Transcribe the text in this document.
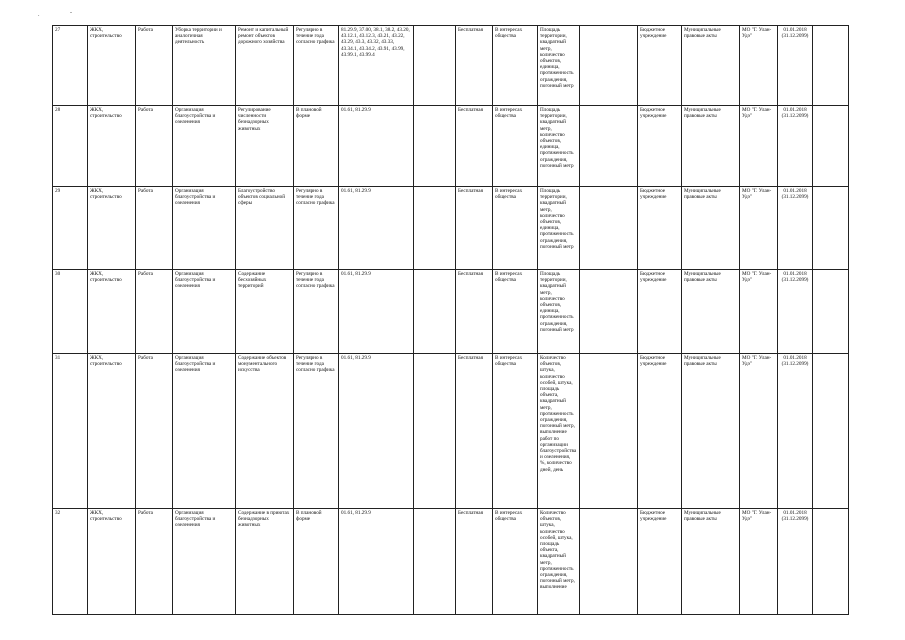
.	-
27	ЖКХ, строительство	Работа	Уборка территории и аналогичная деятельность	Ремонт и капитальный ремонт объектов дорожного хозяйства	Регулярно в течение года согласно графика	81.29.9, 37.00, 38.1, 38.2, 43.20, 43.12.1, 43.12.3, 43.21, 43.22, 43.29, 43.3, 43.32, 43.33, 43.34.1, 43.34.2, 43.91, 43.99, 43.99.1, 43.99.4		Бесплатная	В интересах общества	Площадь территории, квадратный метр, количество объектов, единица, протяженность ограждения, погонный метр		Бюджетное учреждение	Муниципальные правовые акты	МО "Г. Улан-Удэ"	01.01.2018 (31.12.2099)	
28	ЖКХ, строительство	Работа	Организация благоустройства и озеленения	Регулирование численности безнадзорных животных	В плановой форме	01.61, 81.29.9		Бесплатная	В интересах общества	Площадь территории, квадратный метр, количество объектов, единица, протяженность ограждения, погонный метр		Бюджетное учреждение	Муниципальные правовые акты	МО "Г. Улан-Удэ"	01.01.2018 (31.12.2099)	
29	ЖКХ, строительство	Работа	Организация благоустройства и озеленения	Благоустройство объектов социальной сферы	Регулярно в течение года согласно графика	01.61, 81.29.9		Бесплатная	В интересах общества	Площадь территории, квадратный метр, количество объектов, единица, протяженность ограждения, погонный метр		Бюджетное учреждение	Муниципальные правовые акты	МО "Г. Улан-Удэ"	01.01.2018 (31.12.2099)	
30	ЖКХ, строительство	Работа	Организация благоустройства и озеленения	Содержание бесхозяйных территорий	Регулярно в течение года согласно графика	01.61, 81.29.9		Бесплатная	В интересах общества	Площадь территории, квадратный метр, количество объектов, единица, протяженность ограждения, погонный метр		Бюджетное учреждение	Муниципальные правовые акты	МО "Г. Улан-Удэ"	01.01.2018 (31.12.2099)	
31	ЖКХ, строительство	Работа	Организация благоустройства и озеленения	Содержание объектов монументального искусства	Регулярно в течение года согласно графика	01.61, 81.29.9		Бесплатная	В интересах общества	Количество объектов, штука, количество особей, штука, площадь объекта, квадратный метр, протяженность ограждения, погонный метр, выполнение работ по организации благоустройства и озеленения, %, количество дней, день		Бюджетное учреждение	Муниципальные правовые акты	МО "Г. Улан-Удэ"	01.01.2018 (31.12.2099)	
32	ЖКХ, строительство	Работа	Организация благоустройства и озеленения	Содержание в приютах безнадзорных животных	В плановой форме	01.61, 81.29.9		Бесплатная	В интересах общества	Количество объектов, штука, количество особей, штука, площадь объекта, квадратный метр, протяженность ограждения, погонный метр, выполнение		Бюджетное учреждение	Муниципальные правовые акты	МО "Г. Улан-Удэ"	01.01.2018 (31.12.2099)	
